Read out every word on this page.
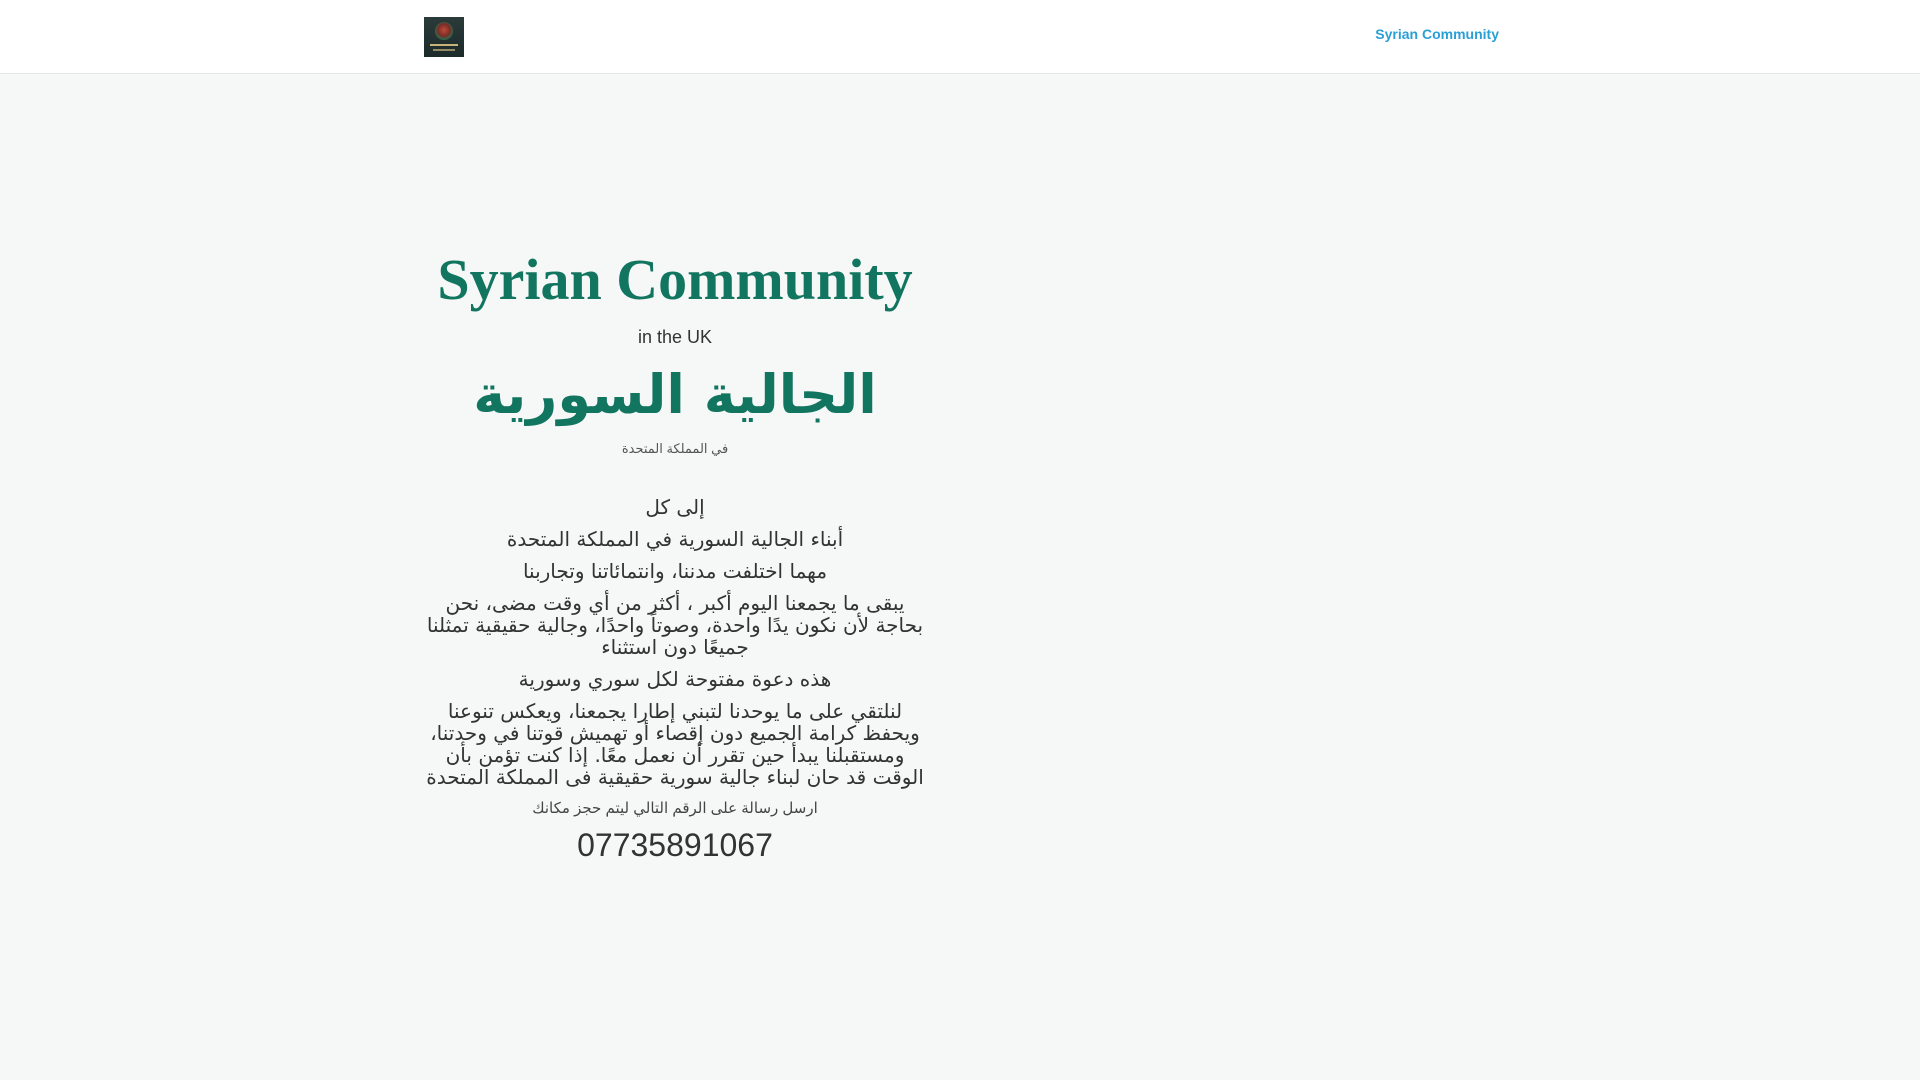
Syrian Community
Syrian Community

in the UK

الجالية السورية

في المملكة المتحدة

إلى كل

أبناء الجالية السورية في المملكة المتحدة

مهما اختلفت مدننا، وانتمائاتنا وتجاربنا

يبقى ما يجمعنا اليوم أكبر ، أكثر من أي وقت مضى، نحن بحاجة لأن نكون يدًا واحدة، وصوتاً واحدًا، وجالية حقيقية تمثلنا جميعًا دون استثناء

هذه دعوة مفتوحة لكل سوري وسورية

لنلتقي على ما يوحدنا لتبني إطارا يجمعنا، ويعكس تنوعنا ويحفظ كرامة الجميع دون إقصاء أو تهميش قوتنا في وحدتنا، ومستقبلنا يبدأ حين تقرر أن نعمل معًا. إذا كنت تؤمن بأن الوقت قد حان لبناء جالية سورية حقيقية فى المملكة المتحدة

ارسل رسالة على الرقم التالي ليتم حجز مكانك

07735891067
